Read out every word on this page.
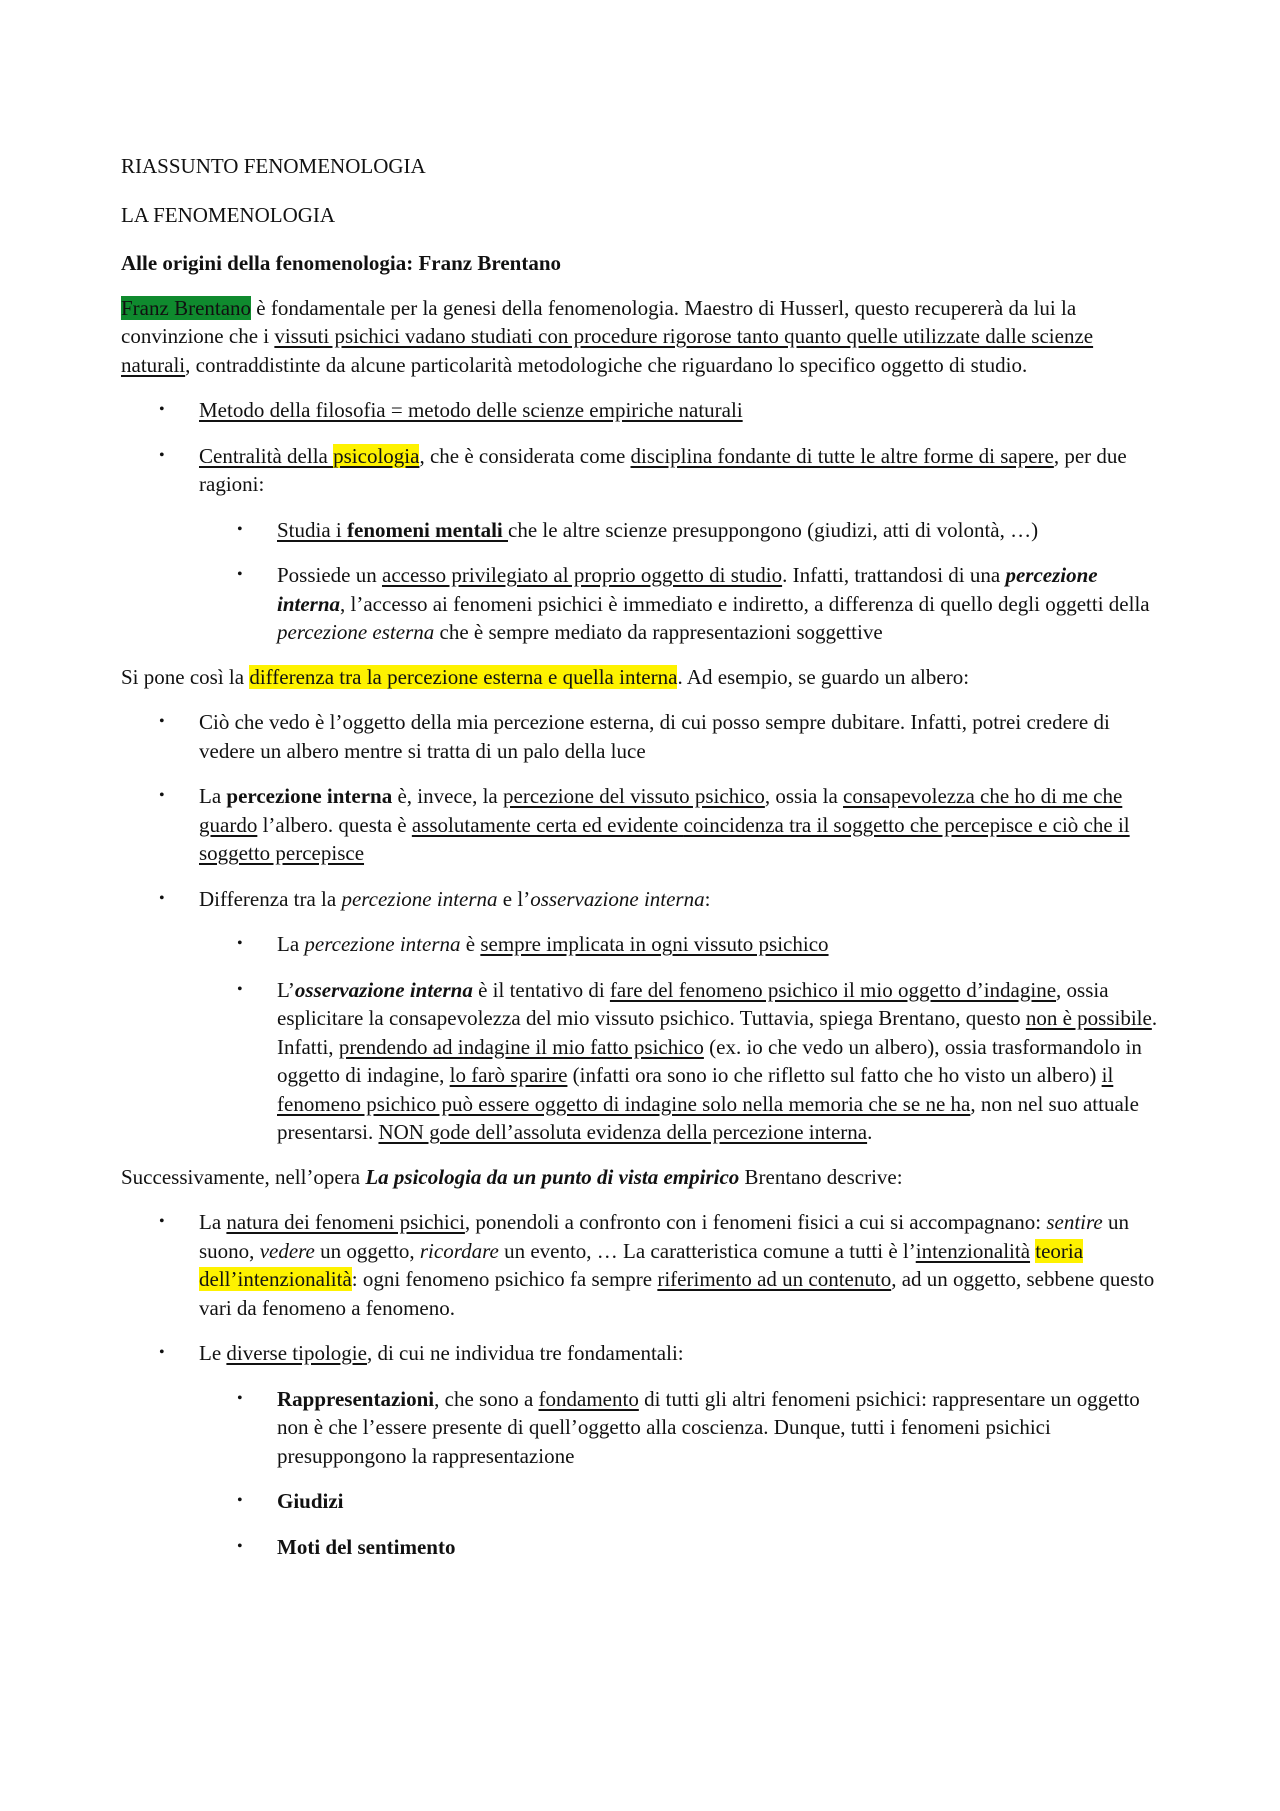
RIASSUNTO FENOMENOLOGIA

LA FENOMENOLOGIA

Alle origini della fenomenologia: Franz Brentano

Franz Brentano è fondamentale per la genesi della fenomenologia. Maestro di Husserl, questo recupererà da lui la convinzione che i vissuti psichici vadano studiati con procedure rigorose tanto quanto quelle utilizzate dalle scienze naturali, contraddistinte da alcune particolarità metodologiche che riguardano lo specifico oggetto di studio.

• Metodo della filosofia = metodo delle scienze empiriche naturali
• Centralità della psicologia, che è considerata come disciplina fondante di tutte le altre forme di sapere, per due ragioni:
• Studia i fenomeni mentali che le altre scienze presuppongono (giudizi, atti di volontà, …)
• Possiede un accesso privilegiato al proprio oggetto di studio. Infatti, trattandosi di una percezione interna, l’accesso ai fenomeni psichici è immediato e indiretto, a differenza di quello degli oggetti della percezione esterna che è sempre mediato da rappresentazioni soggettive

Si pone così la differenza tra la percezione esterna e quella interna. Ad esempio, se guardo un albero:

• Ciò che vedo è l’oggetto della mia percezione esterna, di cui posso sempre dubitare. Infatti, potrei credere di vedere un albero mentre si tratta di un palo della luce
• La percezione interna è, invece, la percezione del vissuto psichico, ossia la consapevolezza che ho di me che guardo l’albero. questa è assolutamente certa ed evidente coincidenza tra il soggetto che percepisce e ciò che il soggetto percepisce
• Differenza tra la percezione interna e l’osservazione interna:
• La percezione interna è sempre implicata in ogni vissuto psichico
• L’osservazione interna è il tentativo di fare del fenomeno psichico il mio oggetto d’indagine, ossia esplicitare la consapevolezza del mio vissuto psichico. Tuttavia, spiega Brentano, questo non è possibile. Infatti, prendendo ad indagine il mio fatto psichico (ex. io che vedo un albero), ossia trasformandolo in oggetto di indagine, lo farò sparire (infatti ora sono io che rifletto sul fatto che ho visto un albero) il fenomeno psichico può essere oggetto di indagine solo nella memoria che se ne ha, non nel suo attuale presentarsi. NON gode dell’assoluta evidenza della percezione interna.

Successivamente, nell’opera La psicologia da un punto di vista empirico Brentano descrive:

• La natura dei fenomeni psichici, ponendoli a confronto con i fenomeni fisici a cui si accompagnano: sentire un suono, vedere un oggetto, ricordare un evento, … La caratteristica comune a tutti è l’intenzionalità teoria dell’intenzionalità: ogni fenomeno psichico fa sempre riferimento ad un contenuto, ad un oggetto, sebbene questo vari da fenomeno a fenomeno.
• Le diverse tipologie, di cui ne individua tre fondamentali:
• Rappresentazioni, che sono a fondamento di tutti gli altri fenomeni psichici: rappresentare un oggetto non è che l’essere presente di quell’oggetto alla coscienza. Dunque, tutti i fenomeni psichici presuppongono la rappresentazione
• Giudizi
• Moti del sentimento
